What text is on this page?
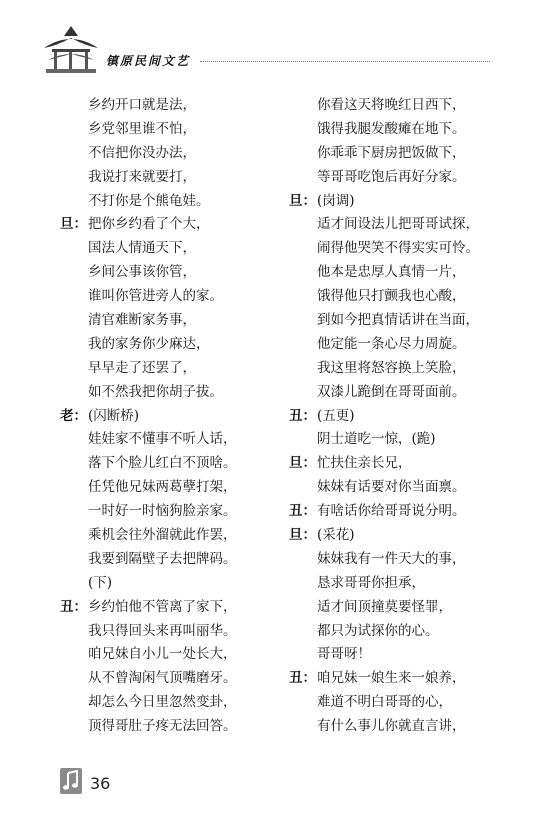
镇原民间文艺
乡约开口就是法，
乡党邻里谁不怕，
不信把你没办法，
我说打来就要打，
不打你是个熊龟娃。
旦： 把你乡约看了个大，
国法人情通天下，
乡间公事该你管，
谁叫你管进旁人的家。
清官难断家务事，
我的家务你少麻达，
早早走了还罢了，
如不然我把你胡子拔。
老： (闪断桥)
娃娃家不懂事不听人话，
落下个脸儿红白不顶啥。
任凭他兄妹两葛孽打架，
一时好一时恼狗脸亲家。
乘机会往外溜就此作罢，
我要到隔壁子去把牌码。
(下)
丑： 乡约怕他不管离了家下，
我只得回头来再叫丽华。
咱兄妹自小儿一处长大，
从不曾淘闲气顶嘴磨牙。
却怎么今日里忽然变卦，
顶得哥肚子疼无法回答。
你看这天将晚红日西下，
饿得我腿发酸瘫在地下。
你乖乖下厨房把饭做下，
等哥哥吃饱后再好分家。
旦： (岗调)
适才间设法儿把哥哥试探，
闹得他哭笑不得实实可怜。
他本是忠厚人真情一片，
饿得他只打颤我也心酸，
到如今把真情话讲在当面，
他定能一条心尽力周旋。
我这里将怒容换上笑脸，
双漆儿跪倒在哥哥面前。
丑： (五更)
阴士道吃一惊，(跪)
旦： 忙扶住亲长兄，
妹妹有话要对你当面禀。
丑： 有啥话你给哥哥说分明。
旦： (采花)
妹妹我有一件天大的事，
恳求哥哥你担承，
适才间顶撞莫要怪罪，
都只为试探你的心。
哥哥呀！
丑： 咱兄妹一娘生来一娘养，
难道不明白哥哥的心，
有什么事儿你就直言讲，
36
